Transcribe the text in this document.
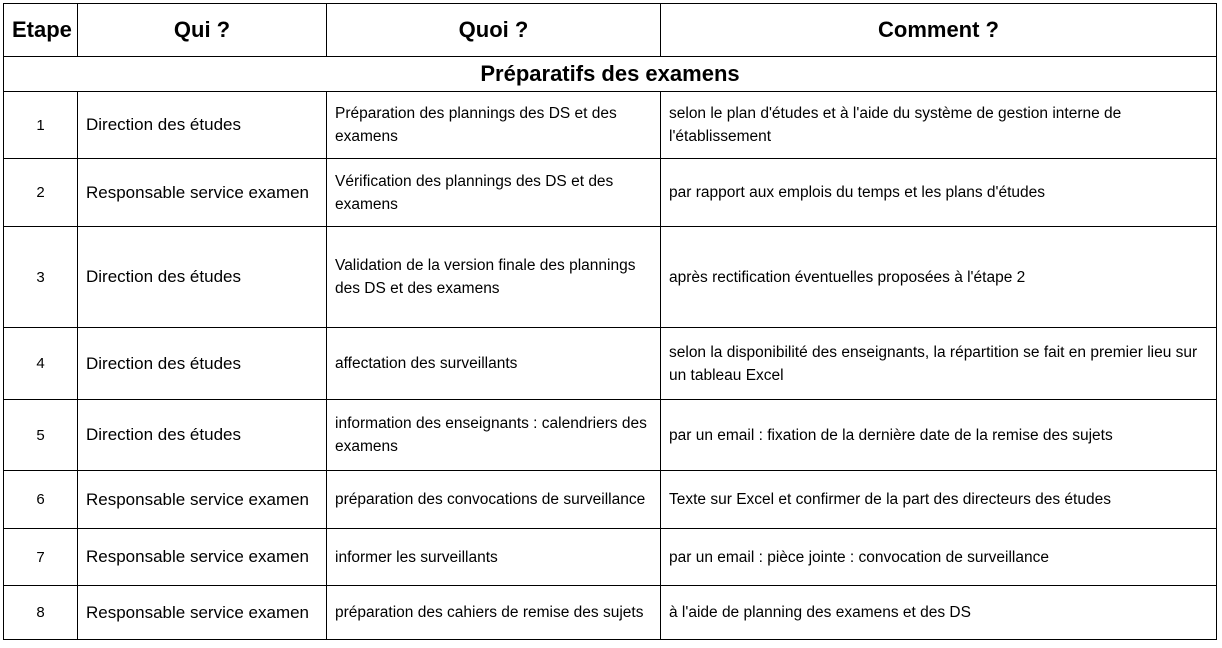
Etape	Qui ?	Quoi ?	Comment ?
Préparatifs des examens			
1	Direction des études	Préparation des plannings des DS et des examens	selon le plan d'études et à l'aide du système de gestion interne de l'établissement
2	Responsable service examen	Vérification des plannings des DS et des examens	par rapport aux emplois du temps et les plans d'études
3	Direction des études	Validation de la version finale des plannings des DS et des examens	après rectification éventuelles proposées à l'étape 2
4	Direction des études	affectation des surveillants	selon la disponibilité des enseignants, la répartition se fait en premier lieu sur un tableau Excel
5	Direction des études	information des enseignants : calendriers des examens	par un email : fixation de la dernière date de la remise des sujets
6	Responsable service examen	préparation des convocations de surveillance	Texte sur Excel et confirmer de la part des directeurs des études
7	Responsable service examen	informer les surveillants	par un email : pièce jointe : convocation de surveillance
8	Responsable service examen	préparation des cahiers de remise des sujets	à l'aide de planning des examens et des DS
